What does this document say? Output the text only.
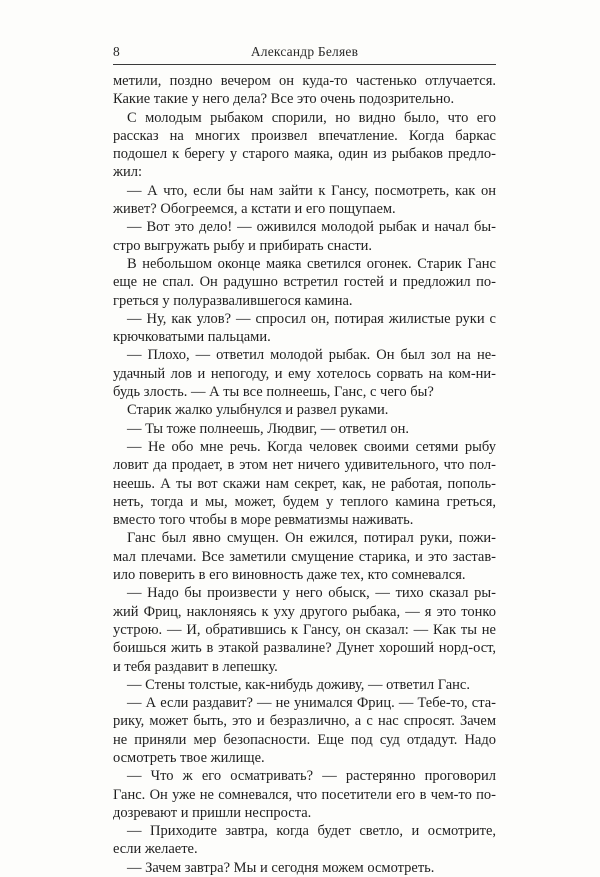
8	Александр Беляев
метили, поздно вечером он куда-то частенько отлучается.
Какие такие у него дела? Все это очень подозрительно.
С молодым рыбаком спорили, но видно было, что его
рассказ на многих произвел впечатление. Когда баркас
подошел к берегу у старого маяка, один из рыбаков предло-
жил:
— А что, если бы нам зайти к Гансу, посмотреть, как он
живет? Обогреемся, а кстати и его пощупаем.
— Вот это дело! — оживился молодой рыбак и начал бы-
стро выгружать рыбу и прибирать снасти.
В небольшом оконце маяка светился огонек. Старик Ганс
еще не спал. Он радушно встретил гостей и предложил по-
греться у полуразвалившегося камина.
— Ну, как улов? — спросил он, потирая жилистые руки с
крючковатыми пальцами.
— Плохо, — ответил молодой рыбак. Он был зол на не-
удачный лов и непогоду, и ему хотелось сорвать на ком-ни-
будь злость. — А ты все полнеешь, Ганс, с чего бы?
Старик жалко улыбнулся и развел руками.
— Ты тоже полнеешь, Людвиг, — ответил он.
— Не обо мне речь. Когда человек своими сетями рыбу
ловит да продает, в этом нет ничего удивительного, что пол-
неешь. А ты вот скажи нам секрет, как, не работая, пополь-
неть, тогда и мы, может, будем у теплого камина греться,
вместо того чтобы в море ревматизмы наживать.
Ганс был явно смущен. Он ежился, потирал руки, пожи-
мал плечами. Все заметили смущение старика, и это застав-
ило поверить в его виновность даже тех, кто сомневался.
— Надо бы произвести у него обыск, — тихо сказал ры-
жий Фриц, наклоняясь к уху другого рыбака, — я это тонко
устрою. — И, обратившись к Гансу, он сказал: — Как ты не
боишься жить в этакой развалине? Дунет хороший норд-ост,
и тебя раздавит в лепешку.
— Стены толстые, как-нибудь доживу, — ответил Ганс.
— А если раздавит? — не унимался Фриц. — Тебе-то, ста-
рику, может быть, это и безразлично, а с нас спросят. Зачем
не приняли мер безопасности. Еще под суд отдадут. Надо
осмотреть твое жилище.
— Что ж его осматривать? — растерянно проговорил
Ганс. Он уже не сомневался, что посетители его в чем-то по-
дозревают и пришли неспроста.
— Приходите завтра, когда будет светло, и осмотрите,
если желаете.
— Зачем завтра? Мы и сегодня можем осмотреть.
